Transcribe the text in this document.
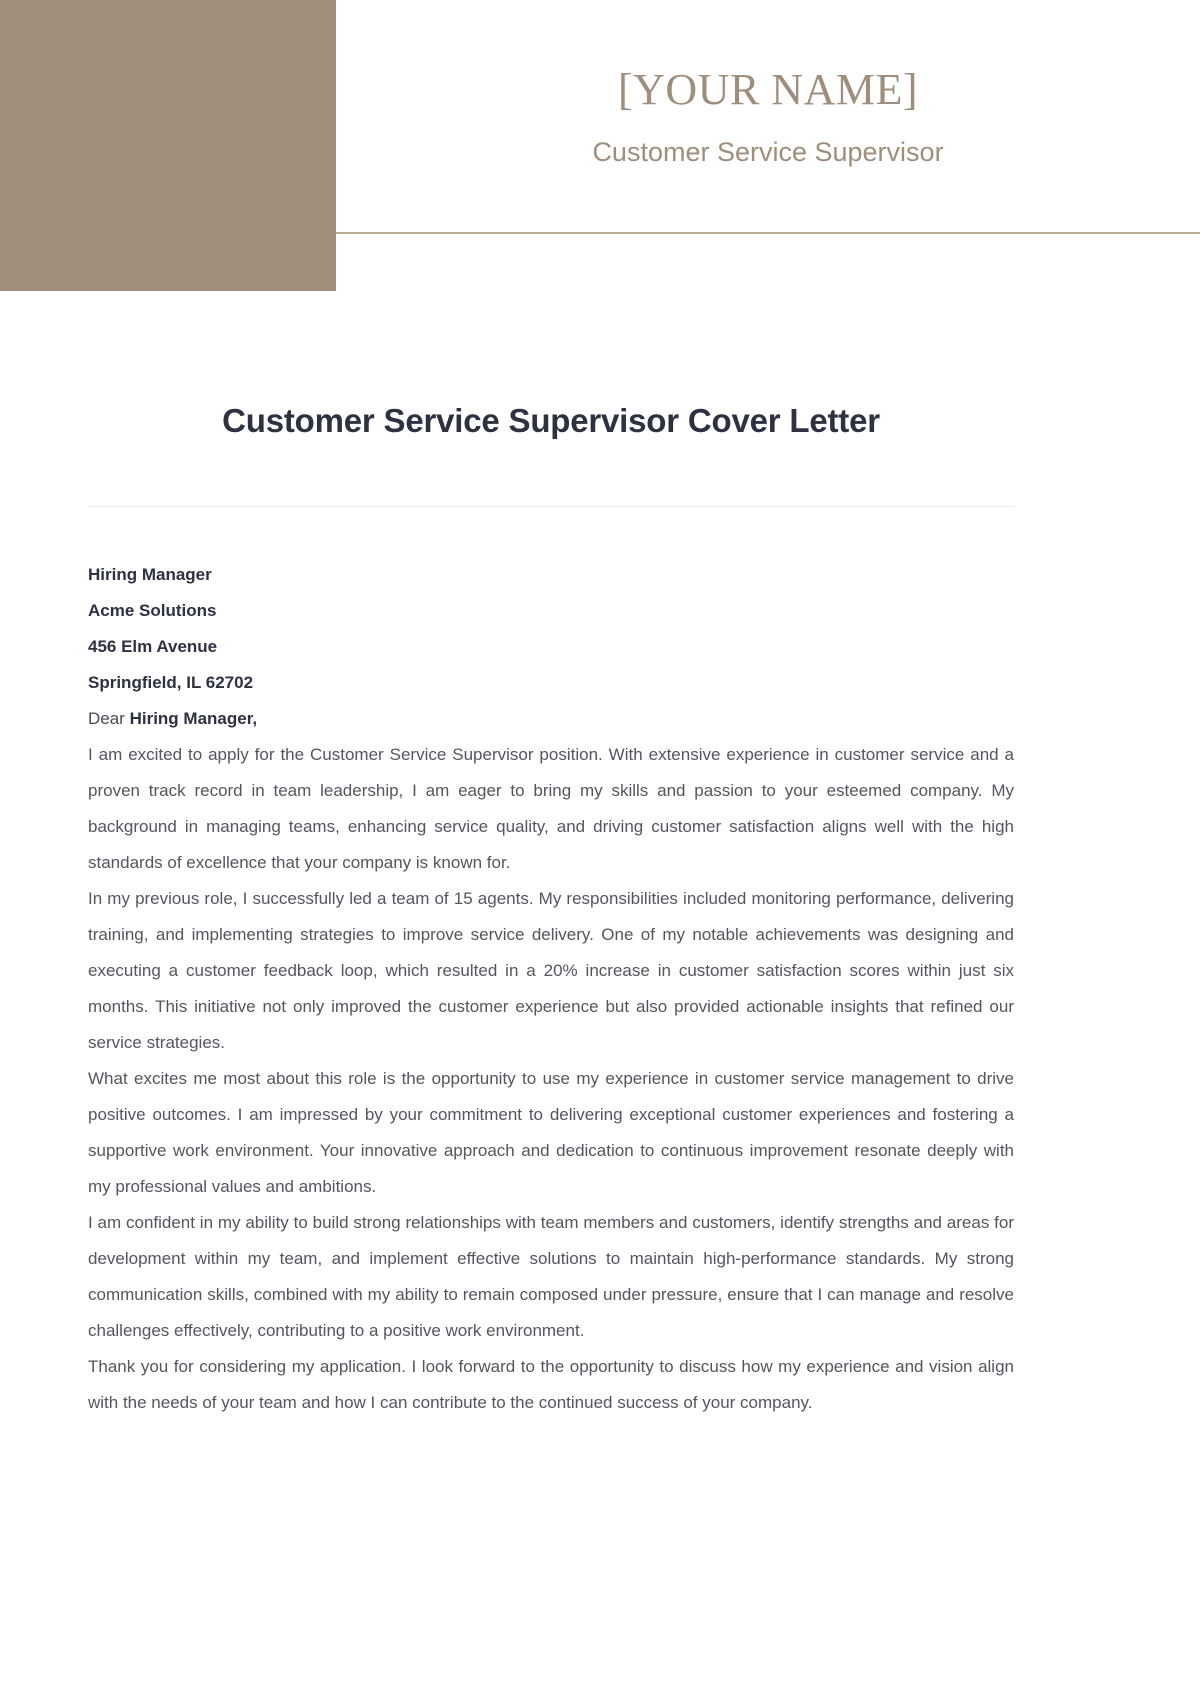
[YOUR NAME]
Customer Service Supervisor
Customer Service Supervisor Cover Letter
Hiring Manager
Acme Solutions
456 Elm Avenue
Springfield, IL 62702
Dear Hiring Manager,

I am excited to apply for the Customer Service Supervisor position. With extensive experience in customer service and a proven track record in team leadership, I am eager to bring my skills and passion to your esteemed company. My background in managing teams, enhancing service quality, and driving customer satisfaction aligns well with the high standards of excellence that your company is known for.

In my previous role, I successfully led a team of 15 agents. My responsibilities included monitoring performance, delivering training, and implementing strategies to improve service delivery. One of my notable achievements was designing and executing a customer feedback loop, which resulted in a 20% increase in customer satisfaction scores within just six months. This initiative not only improved the customer experience but also provided actionable insights that refined our service strategies.

What excites me most about this role is the opportunity to use my experience in customer service management to drive positive outcomes. I am impressed by your commitment to delivering exceptional customer experiences and fostering a supportive work environment. Your innovative approach and dedication to continuous improvement resonate deeply with my professional values and ambitions.

I am confident in my ability to build strong relationships with team members and customers, identify strengths and areas for development within my team, and implement effective solutions to maintain high-performance standards. My strong communication skills, combined with my ability to remain composed under pressure, ensure that I can manage and resolve challenges effectively, contributing to a positive work environment.

Thank you for considering my application. I look forward to the opportunity to discuss how my experience and vision align with the needs of your team and how I can contribute to the continued success of your company.
